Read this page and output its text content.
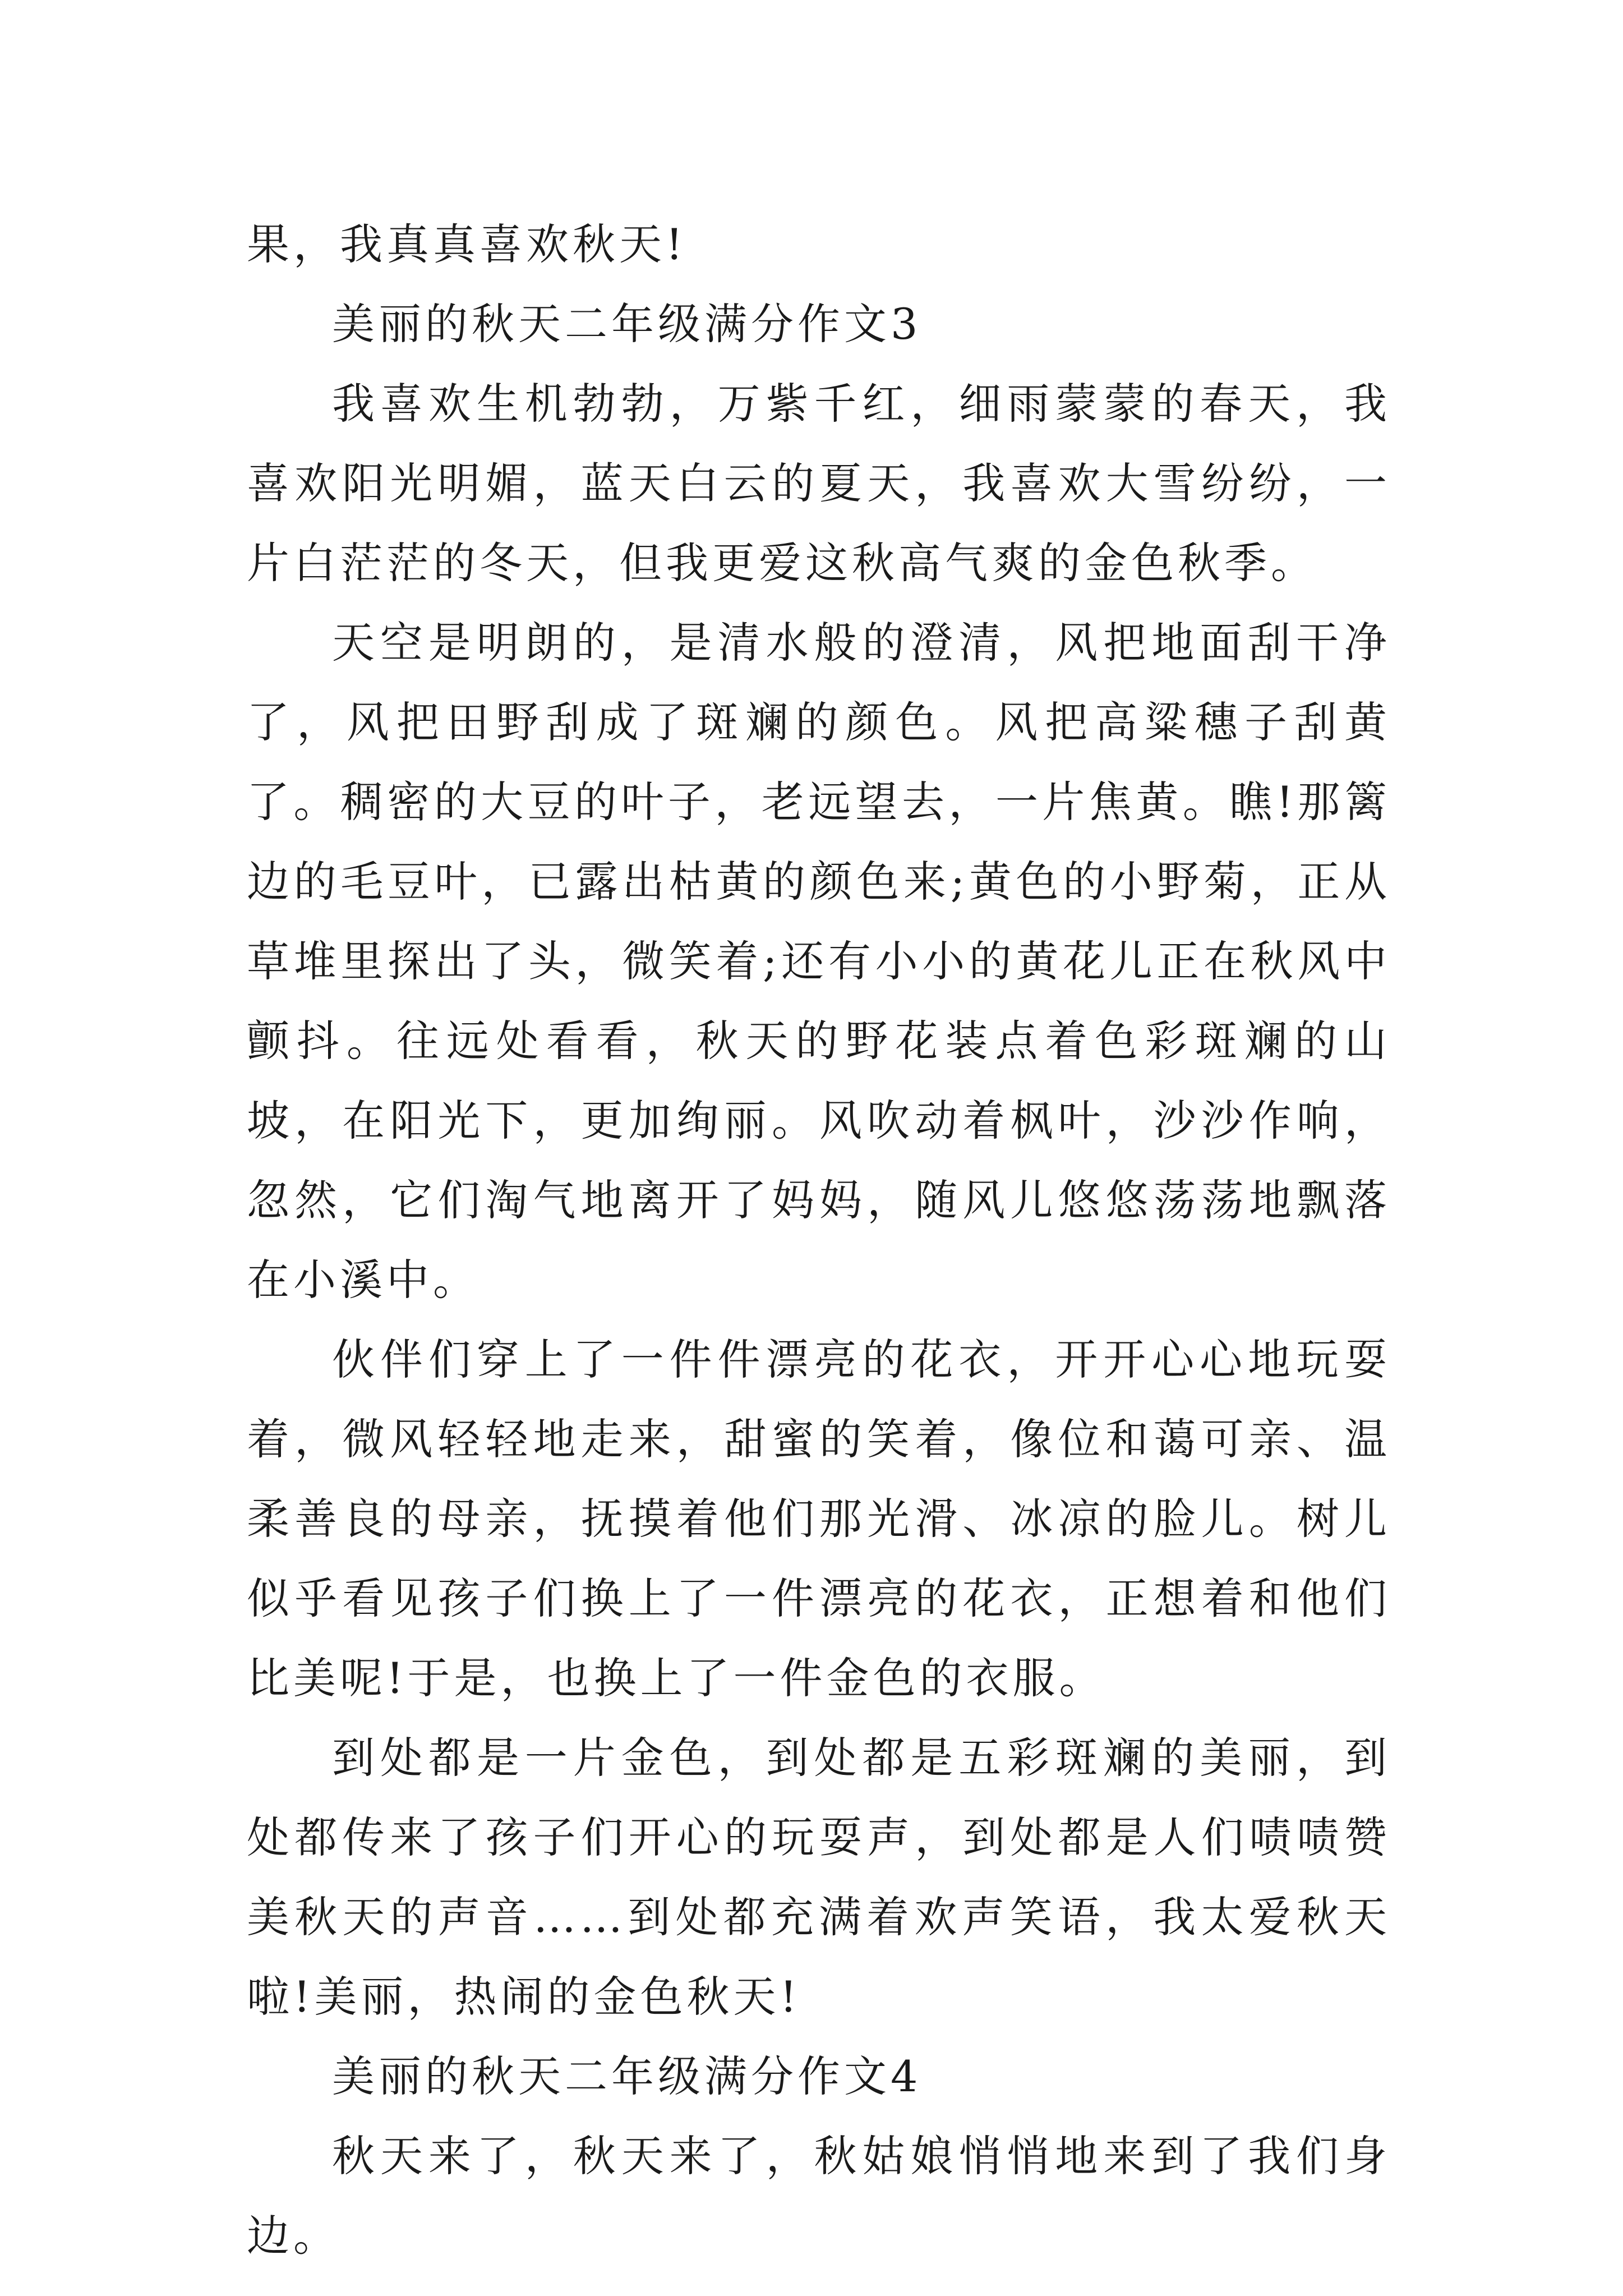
果，我真真喜欢秋天!

美丽的秋天二年级满分作文3

我喜欢生机勃勃，万紫千红，细雨蒙蒙的春天，我喜欢阳光明媚，蓝天白云的夏天，我喜欢大雪纷纷，一片白茫茫的冬天，但我更爱这秋高气爽的金色秋季。

天空是明朗的，是清水般的澄清，风把地面刮干净了，风把田野刮成了斑斓的颜色。风把高粱穗子刮黄了。稠密的大豆的叶子，老远望去，一片焦黄。瞧!那篱边的毛豆叶，已露出枯黄的颜色来;黄色的小野菊，正从草堆里探出了头，微笑着;还有小小的黄花儿正在秋风中颤抖。往远处看看，秋天的野花装点着色彩斑斓的山坡，在阳光下，更加绚丽。风吹动着枫叶，沙沙作响，忽然，它们淘气地离开了妈妈，随风儿悠悠荡荡地飘落在小溪中。

伙伴们穿上了一件件漂亮的花衣，开开心心地玩耍着，微风轻轻地走来，甜蜜的笑着，像位和蔼可亲、温柔善良的母亲，抚摸着他们那光滑、冰凉的脸儿。树儿似乎看见孩子们换上了一件漂亮的花衣，正想着和他们比美呢!于是，也换上了一件金色的衣服。

到处都是一片金色，到处都是五彩斑斓的美丽，到处都传来了孩子们开心的玩耍声，到处都是人们啧啧赞美秋天的声音……到处都充满着欢声笑语，我太爱秋天啦!美丽，热闹的金色秋天!

美丽的秋天二年级满分作文4

秋天来了，秋天来了，秋姑娘悄悄地来到了我们身边。
